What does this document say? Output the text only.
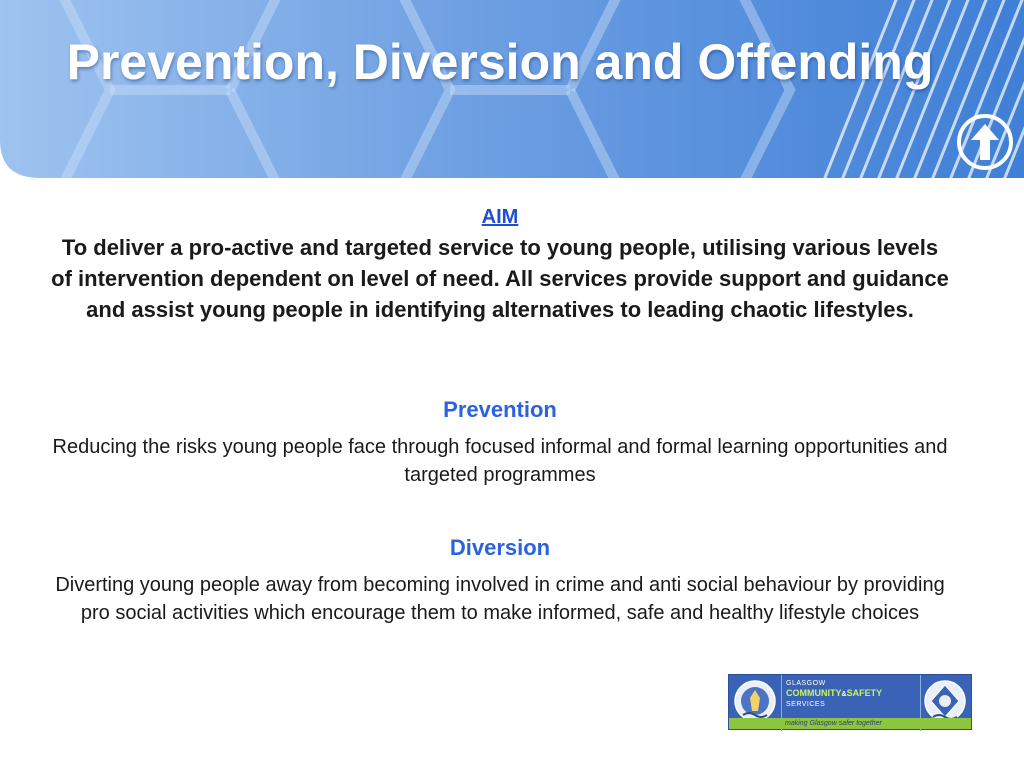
Prevention, Diversion and Offending
AIM
To deliver a pro-active and targeted service to young people, utilising various levels of intervention dependent on level of need. All services provide support and guidance and assist young people in identifying alternatives to leading chaotic lifestyles.
Prevention
Reducing the risks young people face through focused informal and formal learning opportunities and targeted programmes
Diversion
Diverting young people away from becoming involved in crime and anti social behaviour by providing pro social activities which encourage them to make informed, safe and healthy lifestyle choices
GLASGOW
COMMUNITY&SAFETY
SERVICES
making Glasgow safer together
